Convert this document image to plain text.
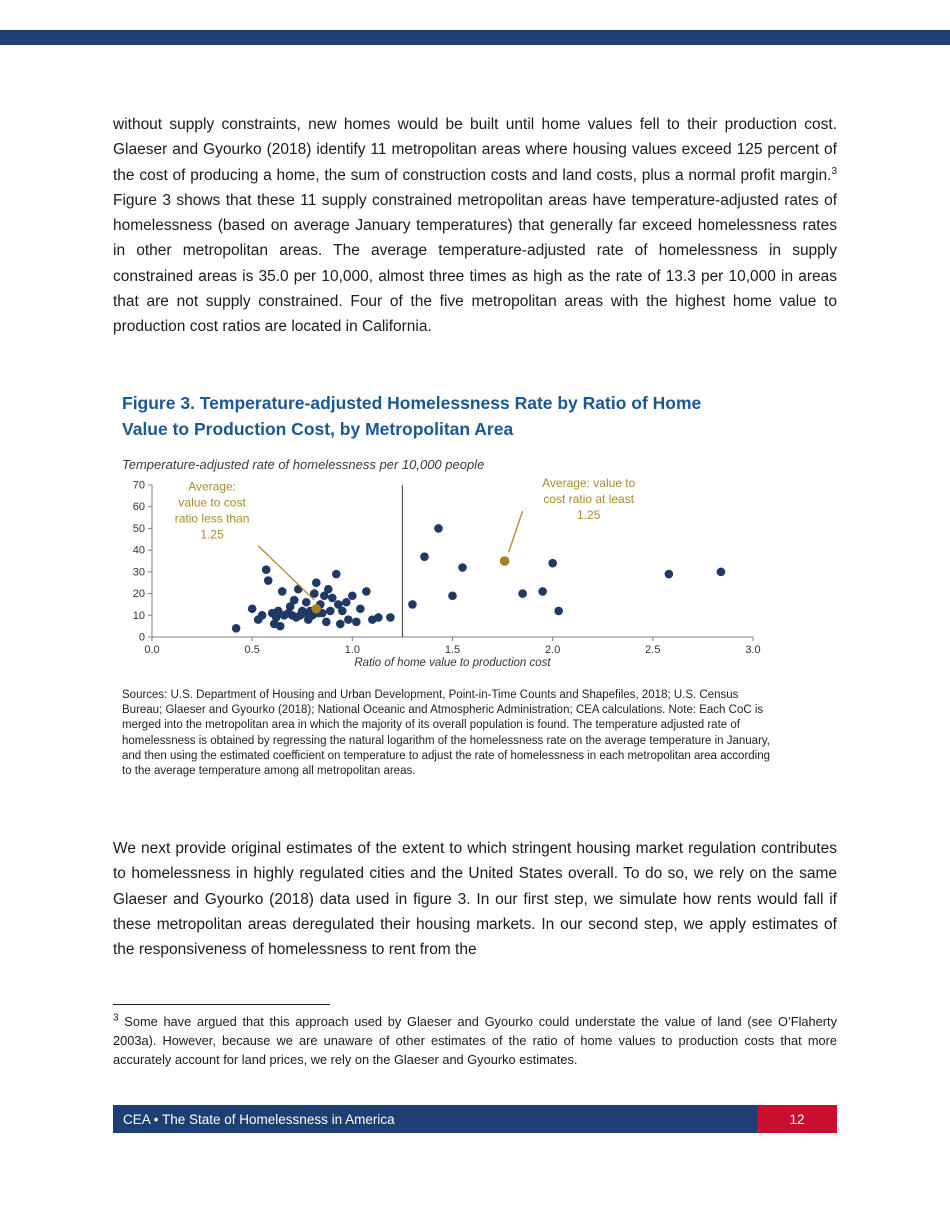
without supply constraints, new homes would be built until home values fell to their production cost. Glaeser and Gyourko (2018) identify 11 metropolitan areas where housing values exceed 125 percent of the cost of producing a home, the sum of construction costs and land costs, plus a normal profit margin.$^3$ Figure 3 shows that these 11 supply constrained metropolitan areas have temperature-adjusted rates of homelessness (based on average January temperatures) that generally far exceed homelessness rates in other metropolitan areas. The average temperature-adjusted rate of homelessness in supply constrained areas is 35.0 per 10,000, almost three times as high as the rate of 13.3 per 10,000 in areas that are not supply constrained. Four of the five metropolitan areas with the highest home value to production cost ratios are located in California.

Figure 3. Temperature-adjusted Homelessness Rate by Ratio of Home Value to Production Cost, by Metropolitan Area
Temperature-adjusted rate of homelessness per 10,000 people
0
10
20
30
40
50
60
70
0.0	0.5	1.0	1.5	2.0	2.5	3.0
Ratio of home value to production cost
Average:
value to cost
ratio less than
1.25
Average: value to
cost ratio at least
1.25
Sources: U.S. Department of Housing and Urban Development, Point-in-Time Counts and Shapefiles, 2018; U.S. Census Bureau; Glaeser and Gyourko (2018); National Oceanic and Atmospheric Administration; CEA calculations. Note: Each CoC is merged into the metropolitan area in which the majority of its overall population is found. The temperature adjusted rate of homelessness is obtained by regressing the natural logarithm of the homelessness rate on the average temperature in January, and then using the estimated coefficient on temperature to adjust the rate of homelessness in each metropolitan area according to the average temperature among all metropolitan areas.

We next provide original estimates of the extent to which stringent housing market regulation contributes to homelessness in highly regulated cities and the United States overall. To do so, we rely on the same Glaeser and Gyourko (2018) data used in figure 3. In our first step, we simulate how rents would fall if these metropolitan areas deregulated their housing markets. In our second step, we apply estimates of the responsiveness of homelessness to rent from the

$^3$ Some have argued that this approach used by Glaeser and Gyourko could understate the value of land (see O’Flaherty 2003a). However, because we are unaware of other estimates of the ratio of home values to production costs that more accurately account for land prices, we rely on the Glaeser and Gyourko estimates.
CEA • The State of Homelessness in America	12
